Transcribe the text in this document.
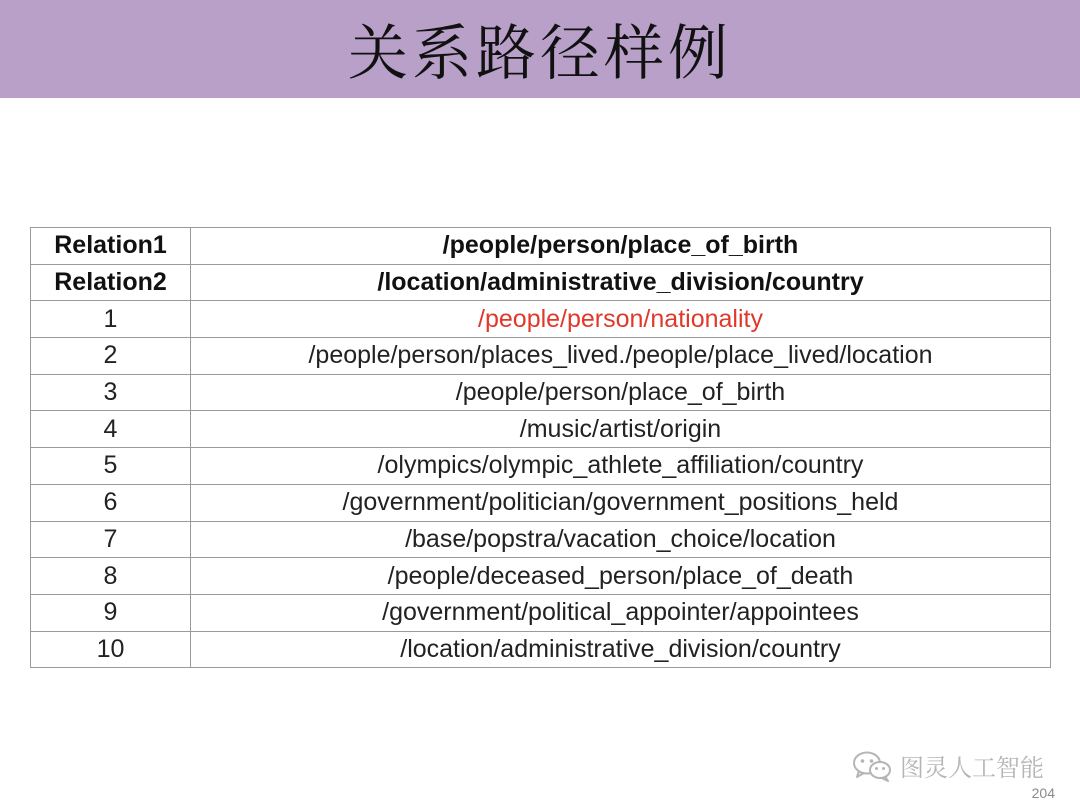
关系路径样例
Relation1	/people/person/place_of_birth
Relation2	/location/administrative_division/country
1	/people/person/nationality
2	/people/person/places_lived./people/place_lived/location
3	/people/person/place_of_birth
4	/music/artist/origin
5	/olympics/olympic_athlete_affiliation/country
6	/government/politician/government_positions_held
7	/base/popstra/vacation_choice/location
8	/people/deceased_person/place_of_death
9	/government/political_appointer/appointees
10	/location/administrative_division/country
图灵人工智能
204
